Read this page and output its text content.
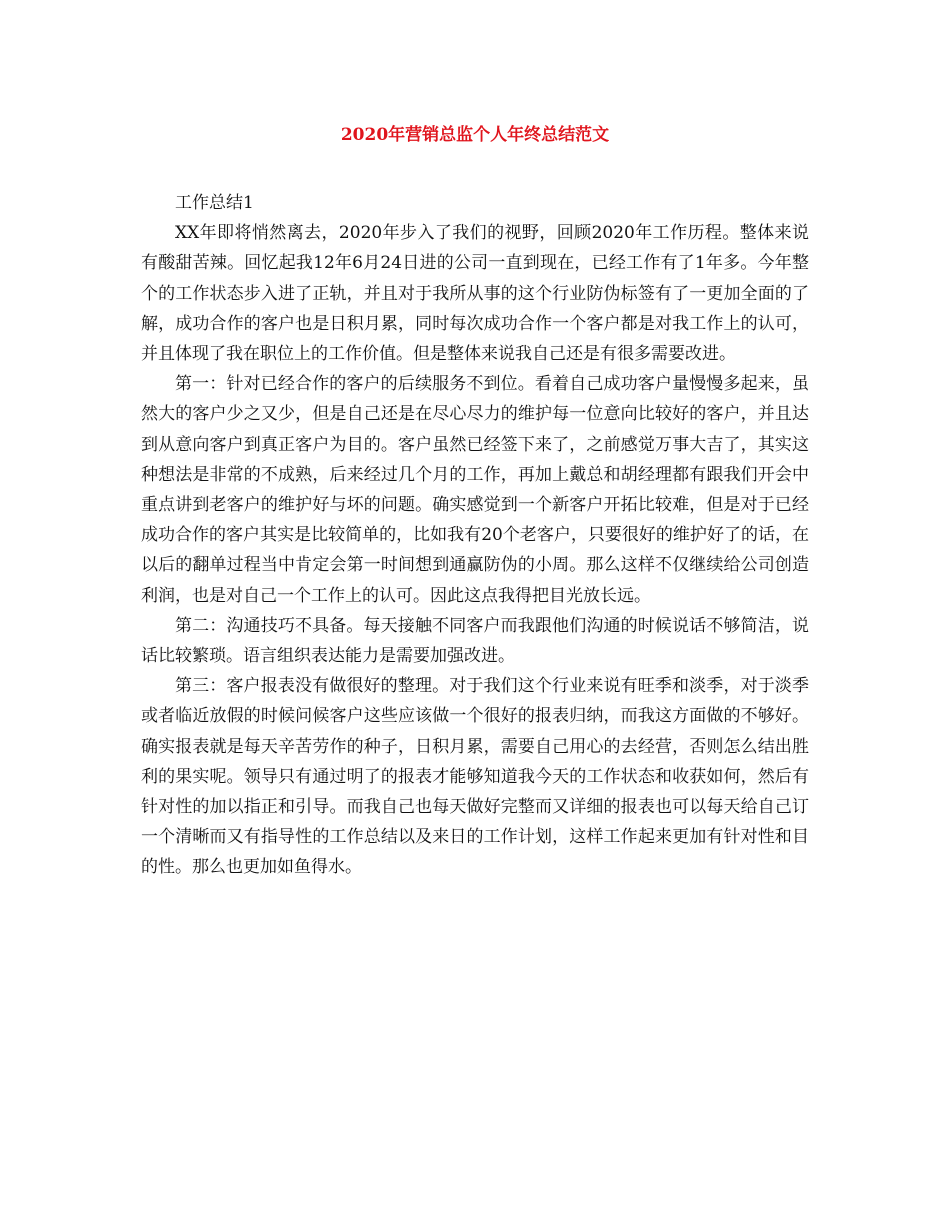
2020年营销总监个人年终总结范文

工作总结1

XX年即将悄然离去，2020年步入了我们的视野，回顾2020年工作历程。整体来说有酸甜苦辣。回忆起我12年6月24日进的公司一直到现在，已经工作有了1年多。今年整个的工作状态步入进了正轨，并且对于我所从事的这个行业防伪标签有了一更加全面的了解，成功合作的客户也是日积月累，同时每次成功合作一个客户都是对我工作上的认可，并且体现了我在职位上的工作价值。但是整体来说我自己还是有很多需要改进。

第一：针对已经合作的客户的后续服务不到位。看着自己成功客户量慢慢多起来，虽然大的客户少之又少，但是自己还是在尽心尽力的维护每一位意向比较好的客户，并且达到从意向客户到真正客户为目的。客户虽然已经签下来了，之前感觉万事大吉了，其实这种想法是非常的不成熟，后来经过几个月的工作，再加上戴总和胡经理都有跟我们开会中重点讲到老客户的维护好与坏的问题。确实感觉到一个新客户开拓比较难，但是对于已经成功合作的客户其实是比较简单的，比如我有20个老客户，只要很好的维护好了的话，在以后的翻单过程当中肯定会第一时间想到通赢防伪的小周。那么这样不仅继续给公司创造利润，也是对自己一个工作上的认可。因此这点我得把目光放长远。

第二：沟通技巧不具备。每天接触不同客户而我跟他们沟通的时候说话不够简洁，说话比较繁琐。语言组织表达能力是需要加强改进。

第三：客户报表没有做很好的整理。对于我们这个行业来说有旺季和淡季，对于淡季或者临近放假的时候问候客户这些应该做一个很好的报表归纳，而我这方面做的不够好。确实报表就是每天辛苦劳作的种子，日积月累，需要自己用心的去经营，否则怎么结出胜利的果实呢。领导只有通过明了的报表才能够知道我今天的工作状态和收获如何，然后有针对性的加以指正和引导。而我自己也每天做好完整而又详细的报表也可以每天给自己订一个清晰而又有指导性的工作总结以及来日的工作计划，这样工作起来更加有针对性和目的性。那么也更加如鱼得水。
